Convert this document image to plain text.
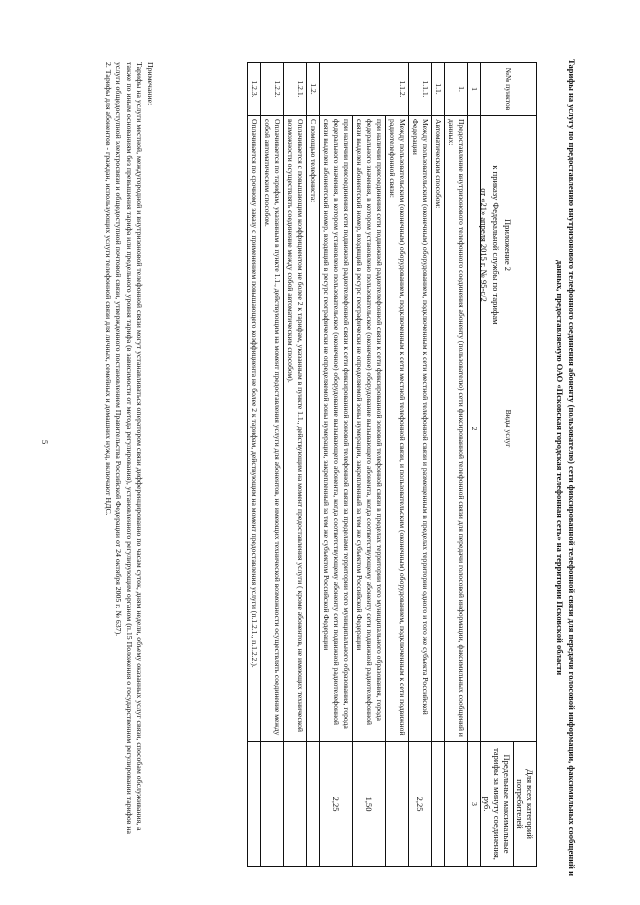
Приложение 2
к приказу Федеральной службы по тарифам
от «21» апреля 2015 г. № 95-с/2	Тарифы на услугу по предоставлению внутризонового телефонного соединения абоненту (пользователю) сети фиксированной телефонной связи для передачи голосовой информации, факсимильных сообщений и данных, предоставляемую ОАО «Псковская городская телефонная сеть» на территории Псковской области
№№ пунктов	Виды услуг	Для всех категорий потребителей
		Предельные максимальные тарифы за минуту соединения, руб.
1	2	3
1.	Предоставление внутризонового телефонного соединения абоненту (пользователю) сети фиксированной телефонной связи для передачи голосовой информации, факсимильных сообщений и данных:	
1.1.	Автоматическим способом:	
1.1.1.	Между пользовательским (оконечным) оборудованием, подключенным к сети местной телефонной связи и размещенным в пределах территории одного и того же субъекта Российской Федерации	2,25
1.1.2.	Между пользовательским (оконечным) оборудованием, подключенным к сети местной телефонной связи, и пользовательским (оконечным) оборудованием, подключенным к сети подвижной радиотелефонной связи:	
	при наличии присоединения сети подвижной радиотелефонной связи к сети фиксированной зоновой телефонной связи в пределах территории того муниципального образования, города федерального значения, в котором установлено пользовательское (оконечное) оборудование вызывающего абонента, когда соответствующему абоненту сети подвижной радиотелефонной связи выделен абонентский номер, входящий в ресурс географически не определяемой зоны нумерации, закрепленный за тем же субъектом Российской Федерации	1,50
	при наличии присоединения сети подвижной радиотелефонной связи к сети фиксированной зоновой телефонной связи за пределами территории того муниципального образования, города федерального значения, в котором установлено пользовательское (оконечное) оборудование вызывающего абонента, когда соответствующему абоненту сети подвижной радиотелефонной связи выделен абонентский номер, входящий в ресурс географически не определяемой зоны нумерации, закрепленный за тем же субъектом Российской Федерации	2,25
1.2.	С помощью телефониста:	
1.2.1.	Оплачивается с повышающим коэффициентом не более 2 к тарифам, указанным в пункте 1.1., действующим на момент предоставления услуги ( кроме абонентов, не имеющих технической возможности осуществлять соединение между собой автоматическим способом).	
1.2.2.	Оплачивается по тарифам, указанным в пункте 1.1., действующим на момент предоставления услуги для абонентов, не имеющих технической возможности осуществлять соединение между собой автоматическим способом.	
1.2.3.	Оплачивается по срочному заказу с применением повышающего коэффициента не более 2 к тарифам, действующим на момент предоставления услуги (п.1.2.1., п.1.2.2.).	

Примечание:

Тарифы на услуги местной, междугородной и внутризоновой телефонной связи могут устанавливаться оператором связи дифференцированно по часам суток, дням недели, объему оказанных услуг связи, способам обслуживания, а также по иным основаниям без превышения тарифа или предельного уровня тарифа (в зависимости от метода регулирования), установленного регулирующим органом (п.15 Положения о государственном регулировании тарифов на услуги общедоступной электросвязи и общедоступной почтовой связи, утвержденного постановлением Правительства Российской Федерации от 24 октября 2005 г. № 637).

2. Тарифы для абонентов - граждан, использующих услуги телефонной связи для личных, семейных и домашних нужд, включают НДС.

5
